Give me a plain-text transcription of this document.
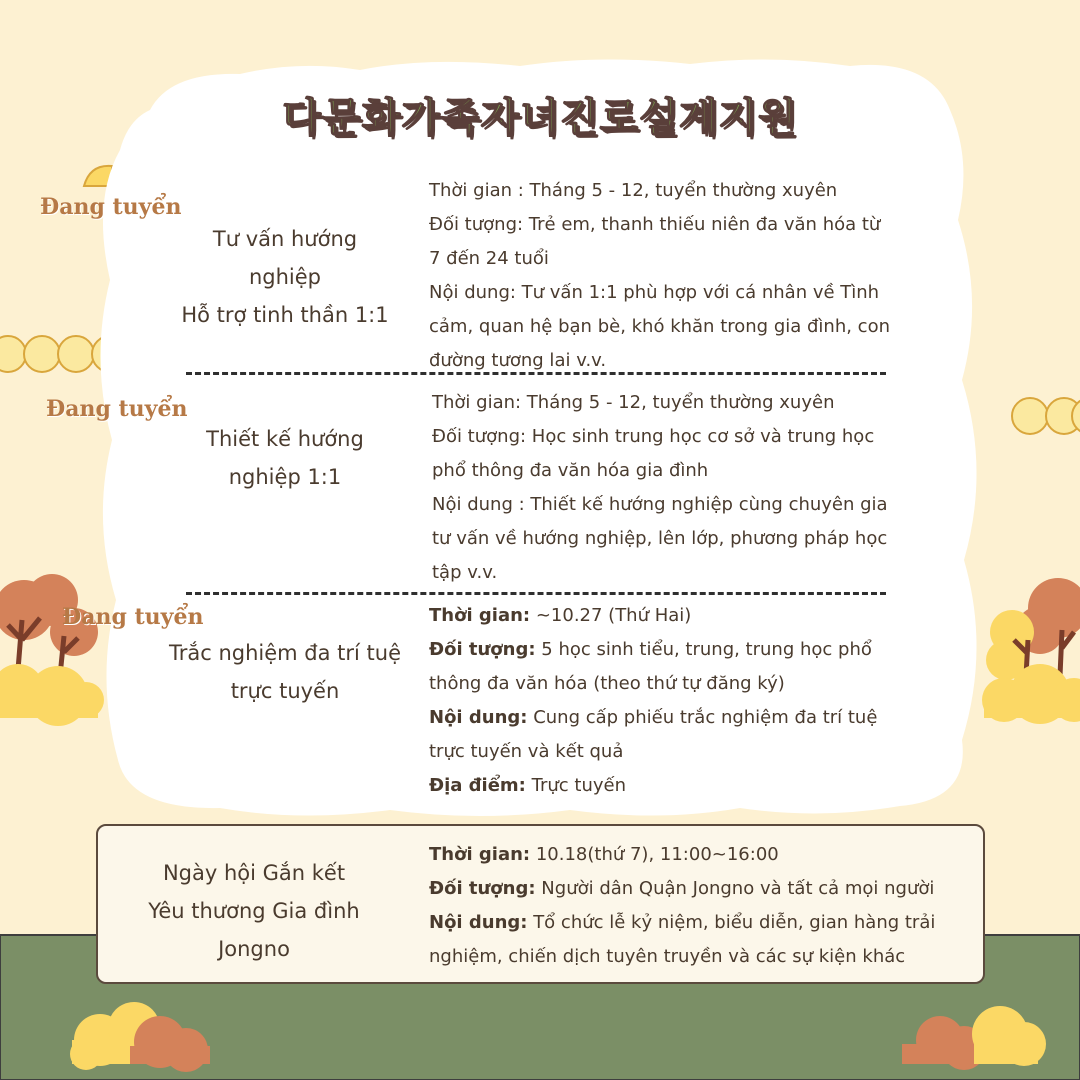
다문화가족자녀진로설계지원
Đang tuyển
Đang tuyển
Đang tuyển
Tư vấn hướng
nghiệp
Hỗ trợ tinh thần 1:1

Thời gian : Tháng 5 - 12, tuyển thường xuyên

Đối tượng: Trẻ em, thanh thiếu niên đa văn hóa từ

7 đến 24 tuổi

Nội dung: Tư vấn 1:1 phù hợp với cá nhân về Tình

cảm, quan hệ bạn bè, khó khăn trong gia đình, con

đường tương lai v.v.

Thiết kế hướng
nghiệp 1:1

Thời gian: Tháng 5 - 12, tuyển thường xuyên

Đối tượng: Học sinh trung học cơ sở và trung học

phổ thông đa văn hóa gia đình

Nội dung : Thiết kế hướng nghiệp cùng chuyên gia

tư vấn về hướng nghiệp, lên lớp, phương pháp học

tập v.v.

Trắc nghiệm đa trí tuệ
trực tuyến

Thời gian: ~10.27 (Thứ Hai)

Đối tượng: 5 học sinh tiểu, trung, trung học phổ

thông đa văn hóa (theo thứ tự đăng ký)

Nội dung: Cung cấp phiếu trắc nghiệm đa trí tuệ

trực tuyến và kết quả

Địa điểm: Trực tuyến

Ngày hội Gắn kết
Yêu thương Gia đình
Jongno

Thời gian: 10.18(thứ 7), 11:00~16:00

Đối tượng: Người dân Quận Jongno và tất cả mọi người

Nội dung: Tổ chức lễ kỷ niệm, biểu diễn, gian hàng trải

nghiệm, chiến dịch tuyên truyền và các sự kiện khác
